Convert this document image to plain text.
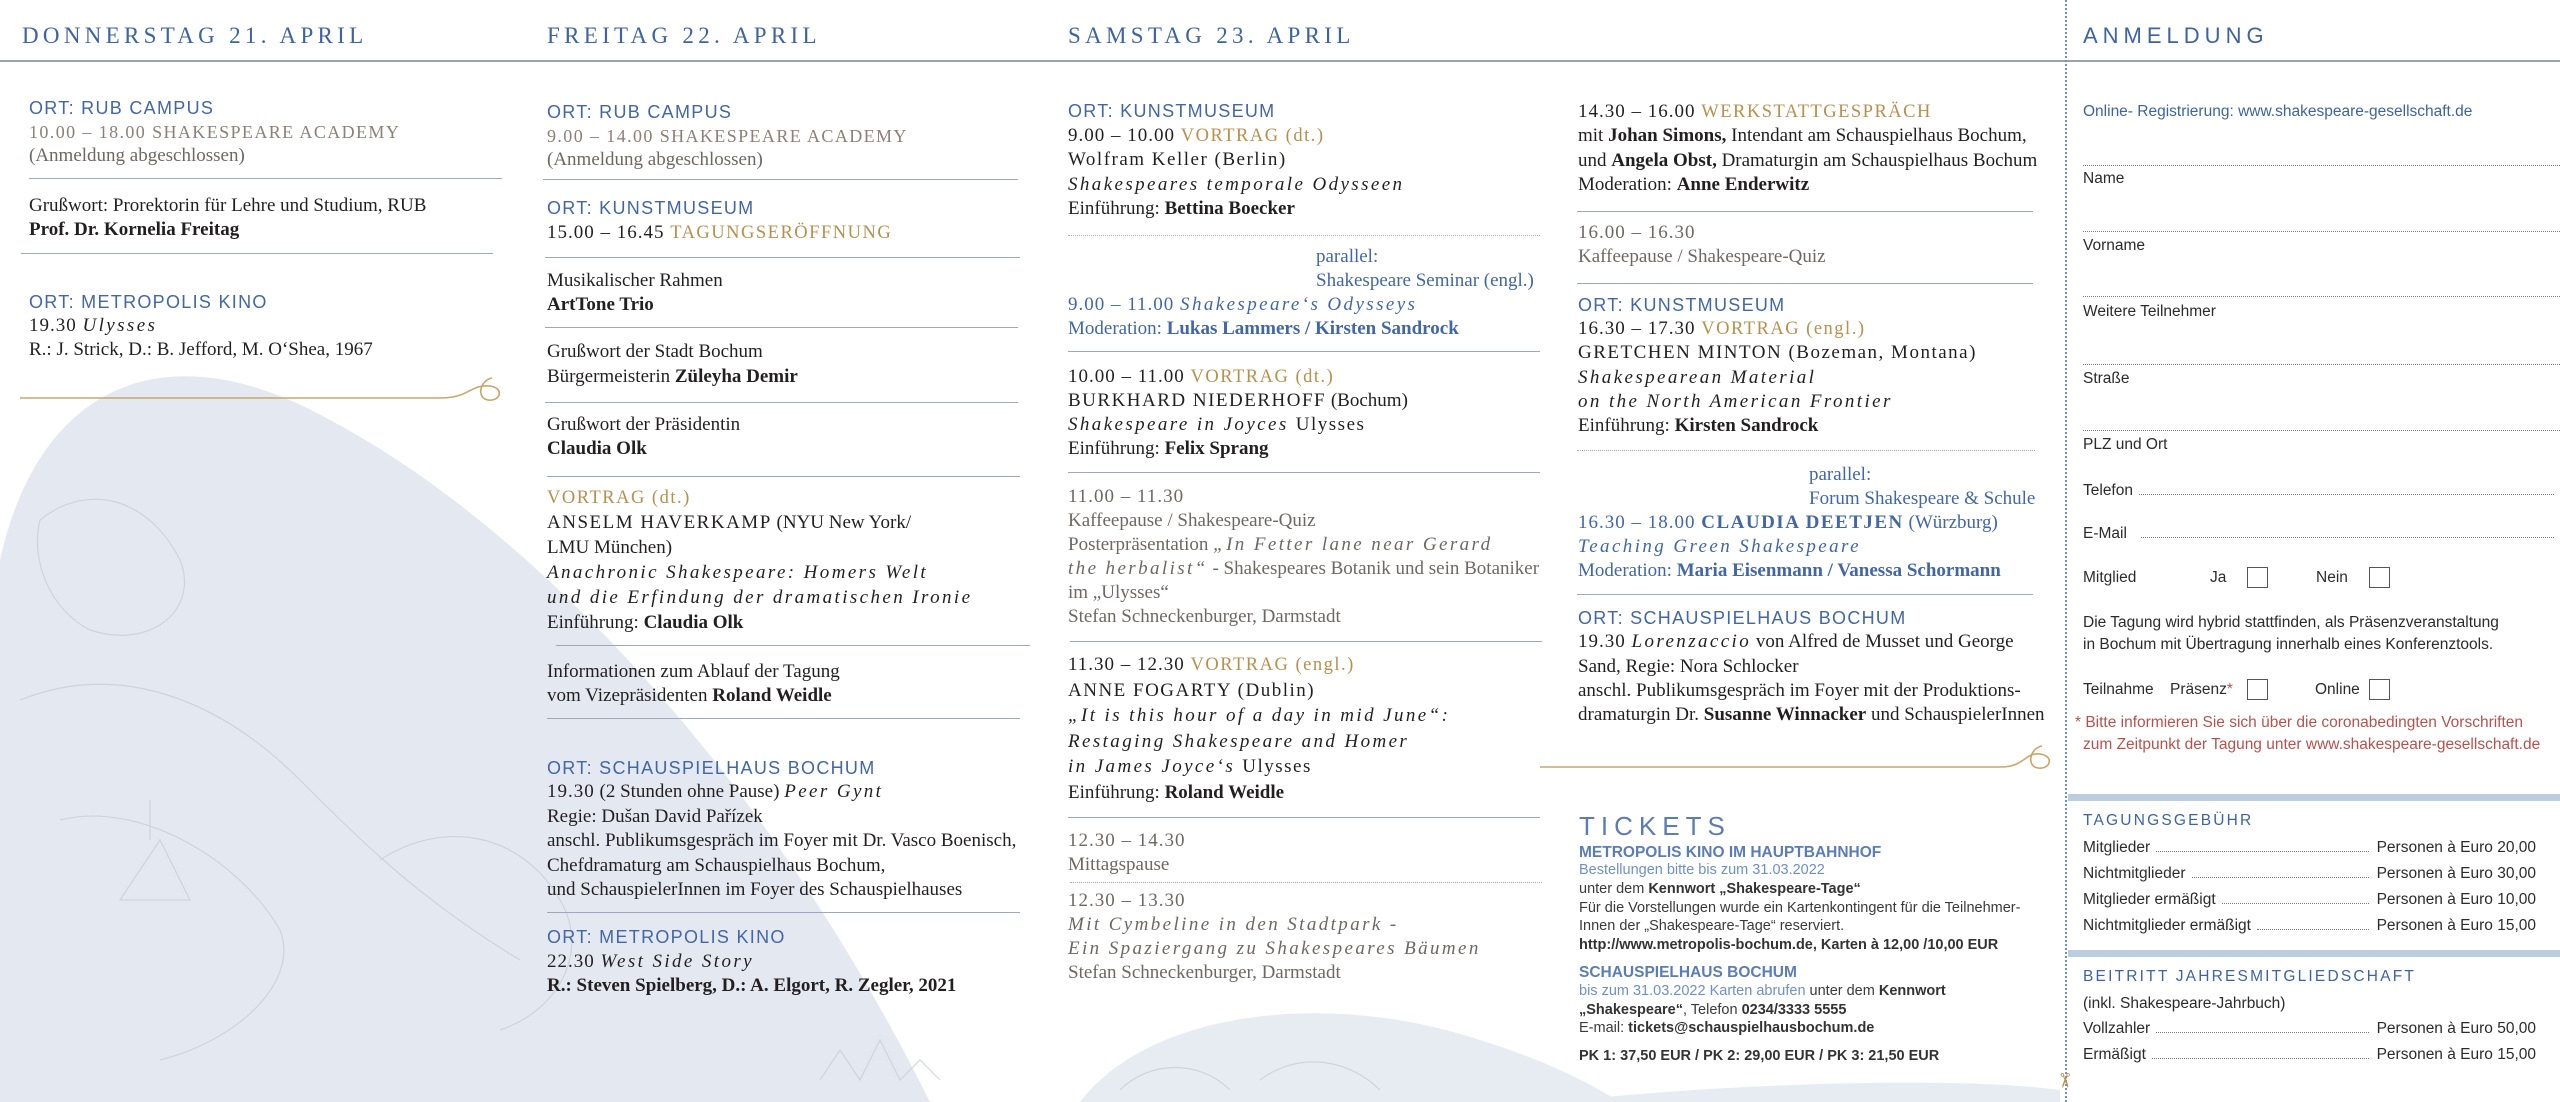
DONNERSTAG 21. APRIL	FREITAG 22. APRIL	SAMSTAG 23. APRIL	ANMELDUNG
ORT: RUB CAMPUS
10.00 – 18.00 SHAKESPEARE ACADEMY
(Anmeldung abgeschlossen)
Grußwort: Prorektorin für Lehre und Studium, RUB
Prof. Dr. Kornelia Freitag
ORT: METROPOLIS KINO
19.30 Ulysses
R.: J. Strick, D.: B. Jefford, M. O‘Shea, 1967
ORT: RUB CAMPUS
9.00 – 14.00 SHAKESPEARE ACADEMY
(Anmeldung abgeschlossen)
ORT: KUNSTMUSEUM
15.00 – 16.45 TAGUNGSERÖFFNUNG
Musikalischer Rahmen
ArtTone Trio
Grußwort der Stadt Bochum
Bürgermeisterin Züleyha Demir
Grußwort der Präsidentin
Claudia Olk
VORTRAG (dt.)
ANSELM HAVERKAMP (NYU New York/
LMU München)
Anachronic Shakespeare: Homers Welt
und die Erfindung der dramatischen Ironie
Einführung: Claudia Olk
Informationen zum Ablauf der Tagung
vom Vizepräsidenten Roland Weidle
ORT: SCHAUSPIELHAUS BOCHUM
19.30 (2 Stunden ohne Pause) Peer Gynt
Regie: Dušan David Pařízek
anschl. Publikumsgespräch im Foyer mit Dr. Vasco Boenisch,
Chefdramaturg am Schauspielhaus Bochum,
und SchauspielerInnen im Foyer des Schauspielhauses
ORT: METROPOLIS KINO
22.30 West Side Story
R.: Steven Spielberg, D.: A. Elgort, R. Zegler, 2021
ORT: KUNSTMUSEUM
9.00 – 10.00 VORTRAG (dt.)
Wolfram Keller (Berlin)
Shakespeares temporale Odysseen
Einführung: Bettina Boecker
parallel:
Shakespeare Seminar (engl.)
9.00 – 11.00 Shakespeare‘s Odysseys
Moderation: Lukas Lammers / Kirsten Sandrock
10.00 – 11.00 VORTRAG (dt.)
BURKHARD NIEDERHOFF (Bochum)
Shakespeare in Joyces Ulysses
Einführung: Felix Sprang
11.00 – 11.30
Kaffeepause / Shakespeare-Quiz
Posterpräsentation „In Fetter lane near Gerard
the herbalist“ - Shakespeares Botanik und sein Botaniker
im „Ulysses“
Stefan Schneckenburger, Darmstadt
11.30 – 12.30 VORTRAG (engl.)
ANNE FOGARTY (Dublin)
„It is this hour of a day in mid June“:
Restaging Shakespeare and Homer
in James Joyce‘s Ulysses
Einführung: Roland Weidle
12.30 – 14.30
Mittagspause
12.30 – 13.30
Mit Cymbeline in den Stadtpark -
Ein Spaziergang zu Shakespeares Bäumen
Stefan Schneckenburger, Darmstadt
14.30 – 16.00 WERKSTATTGESPRÄCH
mit Johan Simons, Intendant am Schauspielhaus Bochum,
und Angela Obst, Dramaturgin am Schauspielhaus Bochum
Moderation: Anne Enderwitz
16.00 – 16.30
Kaffeepause / Shakespeare-Quiz
ORT: KUNSTMUSEUM
16.30 – 17.30 VORTRAG (engl.)
GRETCHEN MINTON (Bozeman, Montana)
Shakespearean Material
on the North American Frontier
Einführung: Kirsten Sandrock
parallel:
Forum Shakespeare & Schule
16.30 – 18.00 CLAUDIA DEETJEN (Würzburg)
Teaching Green Shakespeare
Moderation: Maria Eisenmann / Vanessa Schormann
ORT: SCHAUSPIELHAUS BOCHUM
19.30 Lorenzaccio von Alfred de Musset und George
Sand, Regie: Nora Schlocker
anschl. Publikumsgespräch im Foyer mit der Produktions-
dramaturgin Dr. Susanne Winnacker und SchauspielerInnen
TICKETS
METROPOLIS KINO IM HAUPTBAHNHOF
Bestellungen bitte bis zum 31.03.2022
unter dem Kennwort „Shakespeare-Tage“
Für die Vorstellungen wurde ein Kartenkontingent für die Teilnehmer-
Innen der „Shakespeare-Tage“ reserviert.
http://www.metropolis-bochum.de, Karten à 12,00 /10,00 EUR
SCHAUSPIELHAUS BOCHUM
bis zum 31.03.2022 Karten abrufen unter dem Kennwort
„Shakespeare“, Telefon 0234/3333 5555
E-mail: tickets@schauspielhausbochum.de
PK 1: 37,50 EUR / PK 2: 29,00 EUR / PK 3: 21,50 EUR
✂
Online- Registrierung: www.shakespeare-gesellschaft.de
Name
Vorname
Weitere Teilnehmer
Straße
PLZ und Ort
Telefon
E-Mail
Mitglied	Ja	Nein
Die Tagung wird hybrid stattfinden, als Präsenzveranstaltung
in Bochum mit Übertragung innerhalb eines Konferenztools.
Teilnahme Präsenz*	Online
* Bitte informieren Sie sich über die coronabedingten Vorschriften
zum Zeitpunkt der Tagung unter www.shakespeare-gesellschaft.de
TAGUNGSGEBÜHR
Mitglieder	Personen à Euro 20,00
Nichtmitglieder	Personen à Euro 30,00
Mitglieder ermäßigt	Personen à Euro 10,00
Nichtmitglieder ermäßigt	Personen à Euro 15,00
BEITRITT JAHRESMITGLIEDSCHAFT
(inkl. Shakespeare-Jahrbuch)
Vollzahler	Personen à Euro 50,00
Ermäßigt	Personen à Euro 15,00
